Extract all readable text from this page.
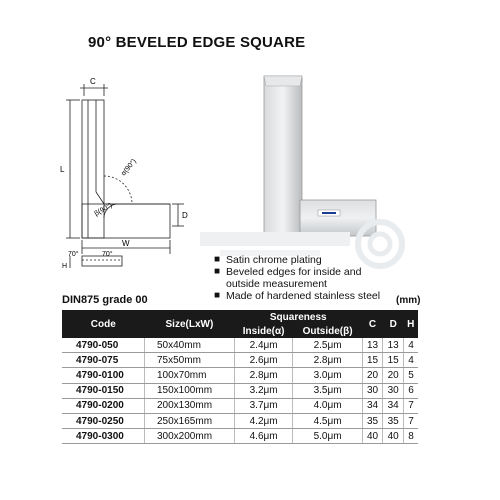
90° BEVELED EDGE SQUARE
C
L	α(90°)
β(90°)	D
W
H
70°	70°	■ Satin chrome plating
■ Beveled edges for inside and
outside measurement
■ Made of hardened stainless steel (mm)
DIN875 grade 00
Code	Size(LxW)	Squareness		C	D	H
		Inside(α)	Outside(β)			
4790-050	50x40mm	2.4μm	2.5μm	13	13	4
4790-075	75x50mm	2.6μm	2.8μm	15	15	4
4790-0100	100x70mm	2.8μm	3.0μm	20	20	5
4790-0150	150x100mm	3.2μm	3.5μm	30	30	6
4790-0200	200x130mm	3.7μm	4.0μm	34	34	7
4790-0250	250x165mm	4.2μm	4.5μm	35	35	7
4790-0300	300x200mm	4.6μm	5.0μm	40	40	8
